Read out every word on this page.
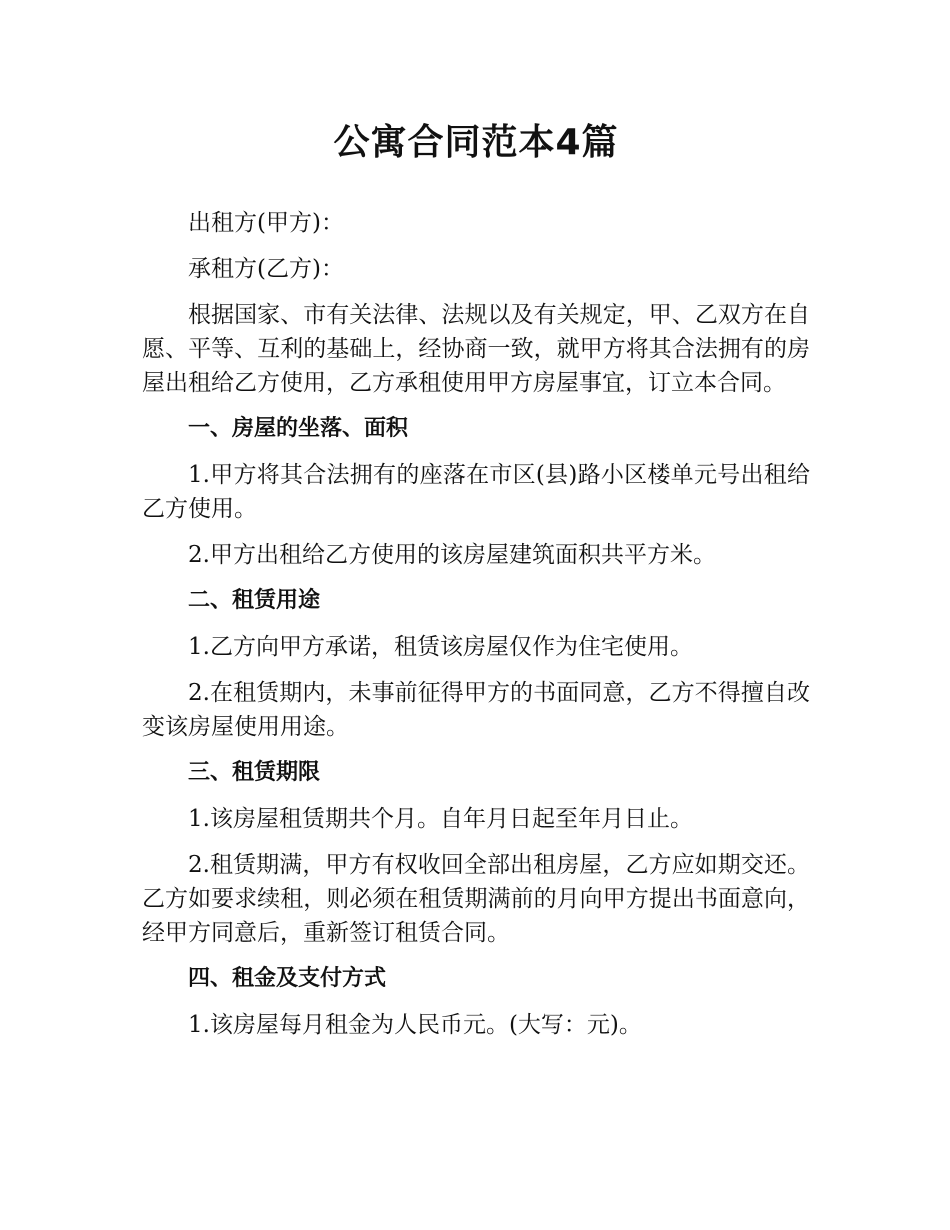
公寓合同范本4篇

出租方(甲方)：

承租方(乙方)：

根据国家、市有关法律、法规以及有关规定，甲、乙双方在自愿、平等、互利的基础上，经协商一致，就甲方将其合法拥有的房屋出租给乙方使用，乙方承租使用甲方房屋事宜，订立本合同。

一、房屋的坐落、面积

1.甲方将其合法拥有的座落在市区(县)路小区楼单元号出租给乙方使用。

2.甲方出租给乙方使用的该房屋建筑面积共平方米。

二、租赁用途

1.乙方向甲方承诺，租赁该房屋仅作为住宅使用。

2.在租赁期内，未事前征得甲方的书面同意，乙方不得擅自改变该房屋使用用途。

三、租赁期限

1.该房屋租赁期共个月。自年月日起至年月日止。

2.租赁期满，甲方有权收回全部出租房屋，乙方应如期交还。乙方如要求续租，则必须在租赁期满前的月向甲方提出书面意向，经甲方同意后，重新签订租赁合同。

四、租金及支付方式

1.该房屋每月租金为人民币元。(大写：元)。
